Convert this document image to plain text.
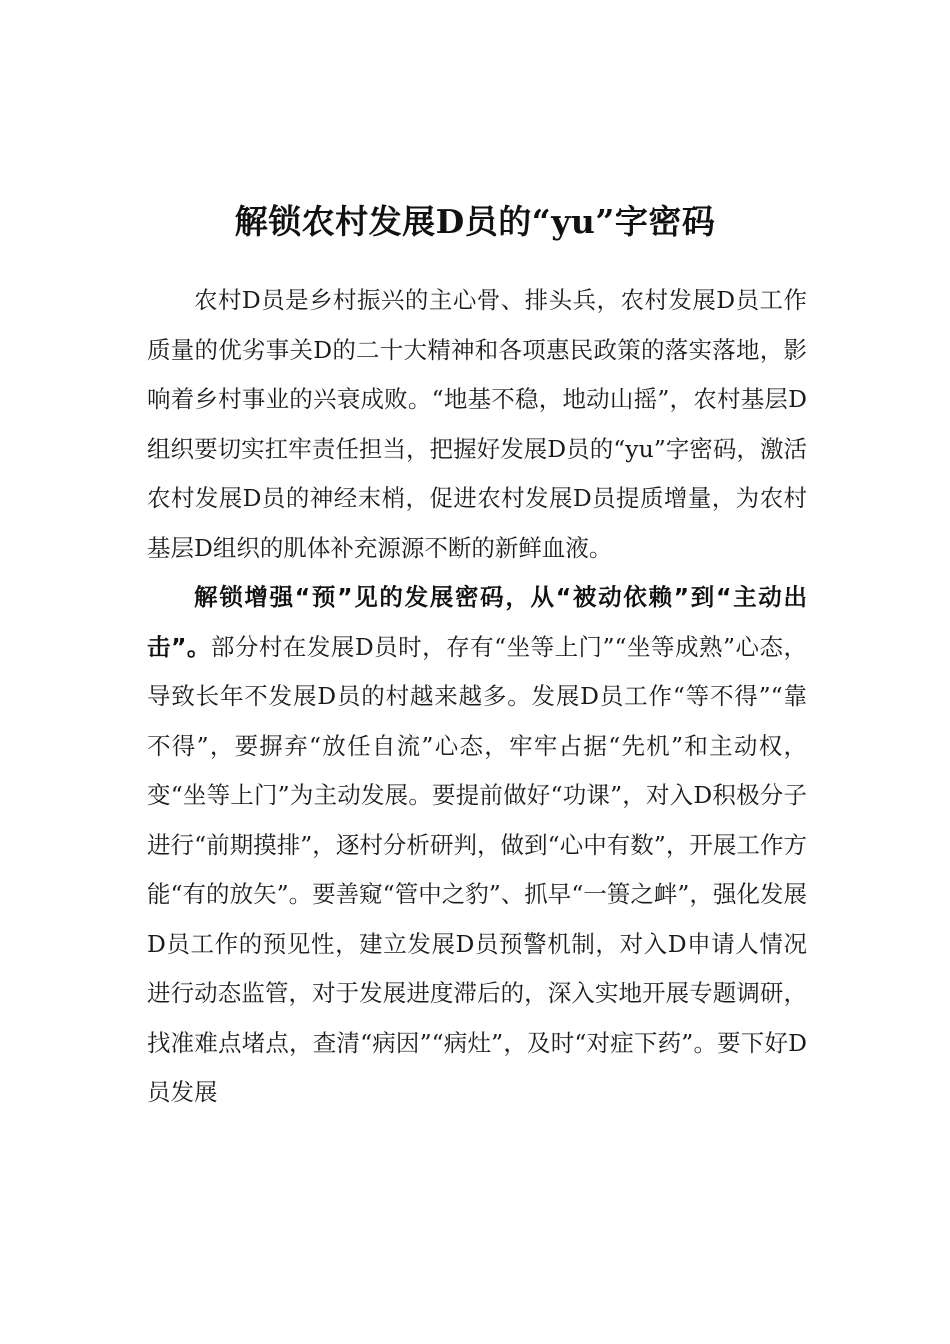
解锁农村发展D员的“yu”字密码

农村D员是乡村振兴的主心骨、排头兵，农村发展D员工作质量的优劣事关D的二十大精神和各项惠民政策的落实落地，影响着乡村事业的兴衰成败。“地基不稳，地动山摇”，农村基层D组织要切实扛牢责任担当，把握好发展D员的“yu”字密码，激活农村发展D员的神经末梢，促进农村发展D员提质增量，为农村基层D组织的肌体补充源源不断的新鲜血液。

解锁增强“预”见的发展密码，从“被动依赖”到“主动出击”。部分村在发展D员时，存有“坐等上门”“坐等成熟”心态，导致长年不发展D员的村越来越多。发展D员工作“等不得”“靠不得”，要摒弃“放任自流”心态，牢牢占据“先机”和主动权，变“坐等上门”为主动发展。要提前做好“功课”，对入D积极分子进行“前期摸排”，逐村分析研判，做到“心中有数”，开展工作方能“有的放矢”。要善窥“管中之豹”、抓早“一篑之衅”，强化发展D员工作的预见性，建立发展D员预警机制，对入D申请人情况进行动态监管，对于发展进度滞后的，深入实地开展专题调研，找准难点堵点，查清“病因”“病灶”，及时“对症下药”。要下好D员发展
